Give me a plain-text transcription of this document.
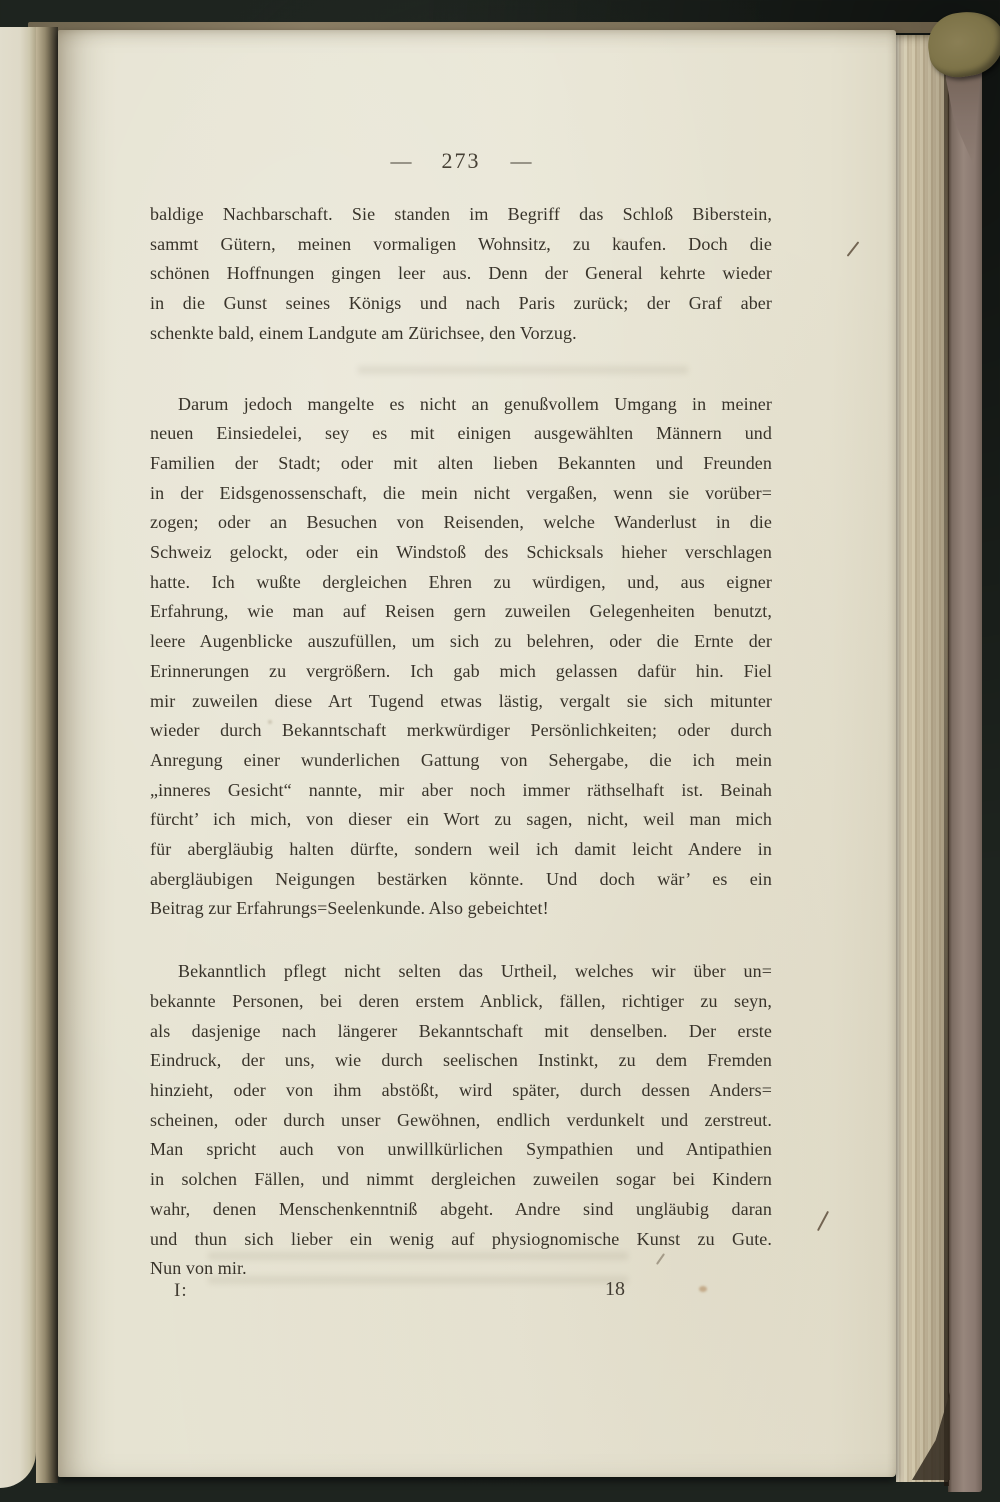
— 273 —
baldige Nachbarschaft. Sie standen im Begriff das Schloß Biberstein,
sammt Gütern, meinen vormaligen Wohnsitz, zu kaufen. Doch die
schönen Hoffnungen gingen leer aus. Denn der General kehrte wieder
in die Gunst seines Königs und nach Paris zurück; der Graf aber
schenkte bald, einem Landgute am Zürichsee, den Vorzug.
Darum jedoch mangelte es nicht an genußvollem Umgang in meiner
neuen Einsiedelei, sey es mit einigen ausgewählten Männern und
Familien der Stadt; oder mit alten lieben Bekannten und Freunden
in der Eidsgenossenschaft, die mein nicht vergaßen, wenn sie vorüber=
zogen; oder an Besuchen von Reisenden, welche Wanderlust in die
Schweiz gelockt, oder ein Windstoß des Schicksals hieher verschlagen
hatte. Ich wußte dergleichen Ehren zu würdigen, und, aus eigner
Erfahrung, wie man auf Reisen gern zuweilen Gelegenheiten benutzt,
leere Augenblicke auszufüllen, um sich zu belehren, oder die Ernte der
Erinnerungen zu vergrößern. Ich gab mich gelassen dafür hin. Fiel
mir zuweilen diese Art Tugend etwas lästig, vergalt sie sich mitunter
wieder durch Bekanntschaft merkwürdiger Persönlichkeiten; oder durch
Anregung einer wunderlichen Gattung von Sehergabe, die ich mein
„inneres Gesicht“ nannte, mir aber noch immer räthselhaft ist. Beinah
fürcht’ ich mich, von dieser ein Wort zu sagen, nicht, weil man mich
für abergläubig halten dürfte, sondern weil ich damit leicht Andere in
abergläubigen Neigungen bestärken könnte. Und doch wär’ es ein
Beitrag zur Erfahrungs=Seelenkunde. Also gebeichtet!
Bekanntlich pflegt nicht selten das Urtheil, welches wir über un=
bekannte Personen, bei deren erstem Anblick, fällen, richtiger zu seyn,
als dasjenige nach längerer Bekanntschaft mit denselben. Der erste
Eindruck, der uns, wie durch seelischen Instinkt, zu dem Fremden
hinzieht, oder von ihm abstößt, wird später, durch dessen Anders=
scheinen, oder durch unser Gewöhnen, endlich verdunkelt und zerstreut.
Man spricht auch von unwillkürlichen Sympathien und Antipathien
in solchen Fällen, und nimmt dergleichen zuweilen sogar bei Kindern
wahr, denen Menschenkenntniß abgeht. Andre sind ungläubig daran
und thun sich lieber ein wenig auf physiognomische Kunst zu Gute.
Nun von mir.
I:	18
